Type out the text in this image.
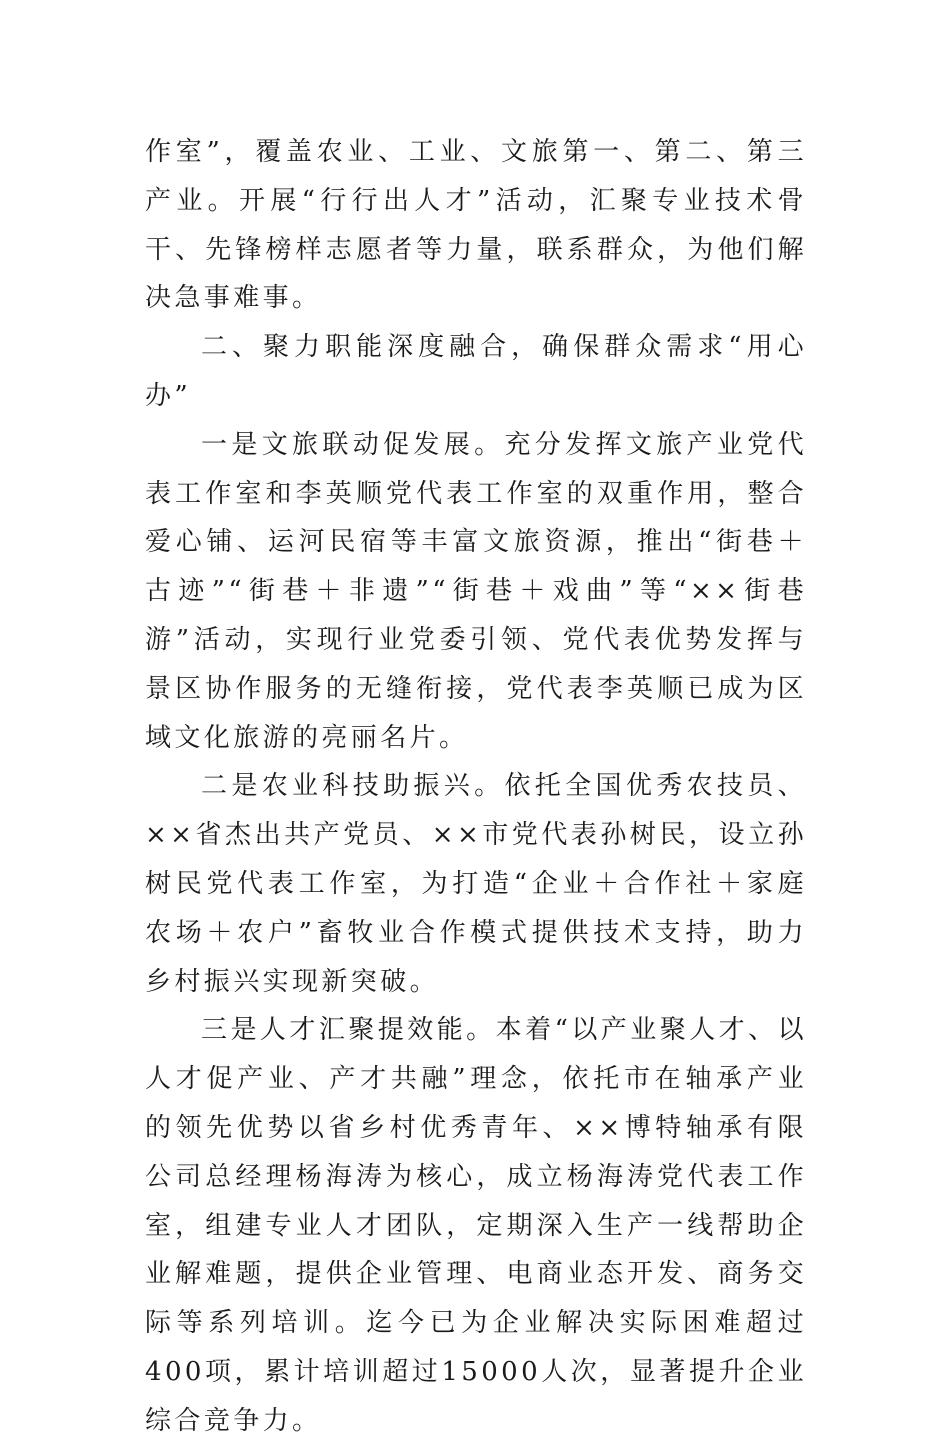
作室”，覆盖农业、工业、文旅第一、第二、第三产业。开展“行行出人才”活动，汇聚专业技术骨干、先锋榜样志愿者等力量，联系群众，为他们解决急事难事。

二、聚力职能深度融合，确保群众需求“用心办”

一是文旅联动促发展。充分发挥文旅产业党代表工作室和李英顺党代表工作室的双重作用，整合爱心铺、运河民宿等丰富文旅资源，推出“街巷＋古迹”“街巷＋非遗”“街巷＋戏曲”等“××街巷游”活动，实现行业党委引领、党代表优势发挥与景区协作服务的无缝衔接，党代表李英顺已成为区域文化旅游的亮丽名片。

二是农业科技助振兴。依托全国优秀农技员、××省杰出共产党员、××市党代表孙树民，设立孙树民党代表工作室，为打造“企业＋合作社＋家庭农场＋农户”畜牧业合作模式提供技术支持，助力乡村振兴实现新突破。

三是人才汇聚提效能。本着“以产业聚人才、以人才促产业、产才共融”理念，依托市在轴承产业的领先优势以省乡村优秀青年、××博特轴承有限公司总经理杨海涛为核心，成立杨海涛党代表工作室，组建专业人才团队，定期深入生产一线帮助企业解难题，提供企业管理、电商业态开发、商务交际等系列培训。迄今已为企业解决实际困难超过400项，累计培训超过15000人次，显著提升企业综合竞争力。
